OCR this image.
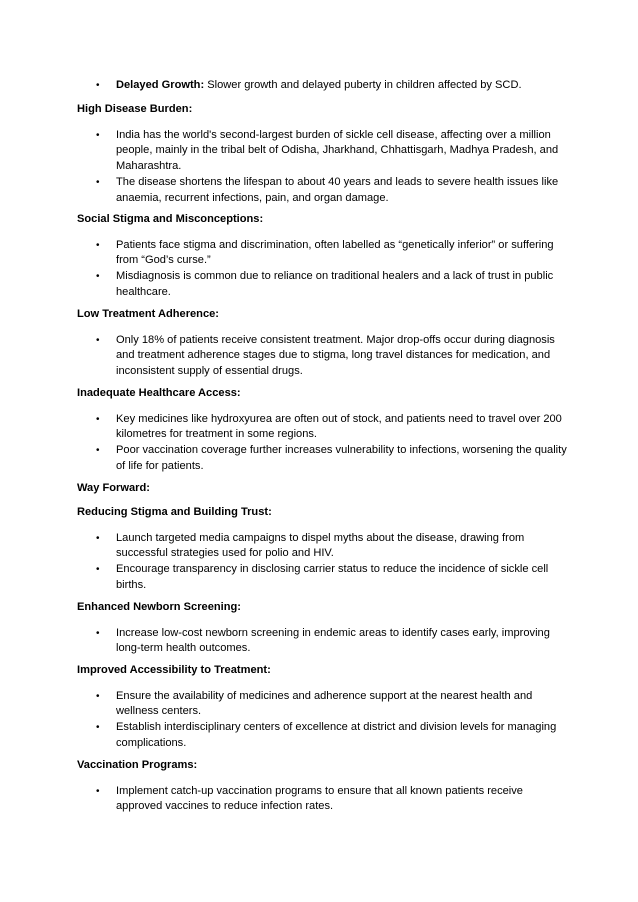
• Delayed Growth: Slower growth and delayed puberty in children affected by SCD.

High Disease Burden:

• India has the world's second-largest burden of sickle cell disease, affecting over a million people, mainly in the tribal belt of Odisha, Jharkhand, Chhattisgarh, Madhya Pradesh, and Maharashtra.
• The disease shortens the lifespan to about 40 years and leads to severe health issues like anaemia, recurrent infections, pain, and organ damage.

Social Stigma and Misconceptions:

• Patients face stigma and discrimination, often labelled as “genetically inferior” or suffering from “God’s curse.”
• Misdiagnosis is common due to reliance on traditional healers and a lack of trust in public healthcare.

Low Treatment Adherence:

• Only 18% of patients receive consistent treatment. Major drop-offs occur during diagnosis and treatment adherence stages due to stigma, long travel distances for medication, and inconsistent supply of essential drugs.

Inadequate Healthcare Access:

• Key medicines like hydroxyurea are often out of stock, and patients need to travel over 200 kilometres for treatment in some regions.
• Poor vaccination coverage further increases vulnerability to infections, worsening the quality of life for patients.

Way Forward:

Reducing Stigma and Building Trust:

• Launch targeted media campaigns to dispel myths about the disease, drawing from successful strategies used for polio and HIV.
• Encourage transparency in disclosing carrier status to reduce the incidence of sickle cell births.

Enhanced Newborn Screening:

• Increase low-cost newborn screening in endemic areas to identify cases early, improving long-term health outcomes.

Improved Accessibility to Treatment:

• Ensure the availability of medicines and adherence support at the nearest health and wellness centers.
• Establish interdisciplinary centers of excellence at district and division levels for managing complications.

Vaccination Programs:

• Implement catch-up vaccination programs to ensure that all known patients receive approved vaccines to reduce infection rates.
